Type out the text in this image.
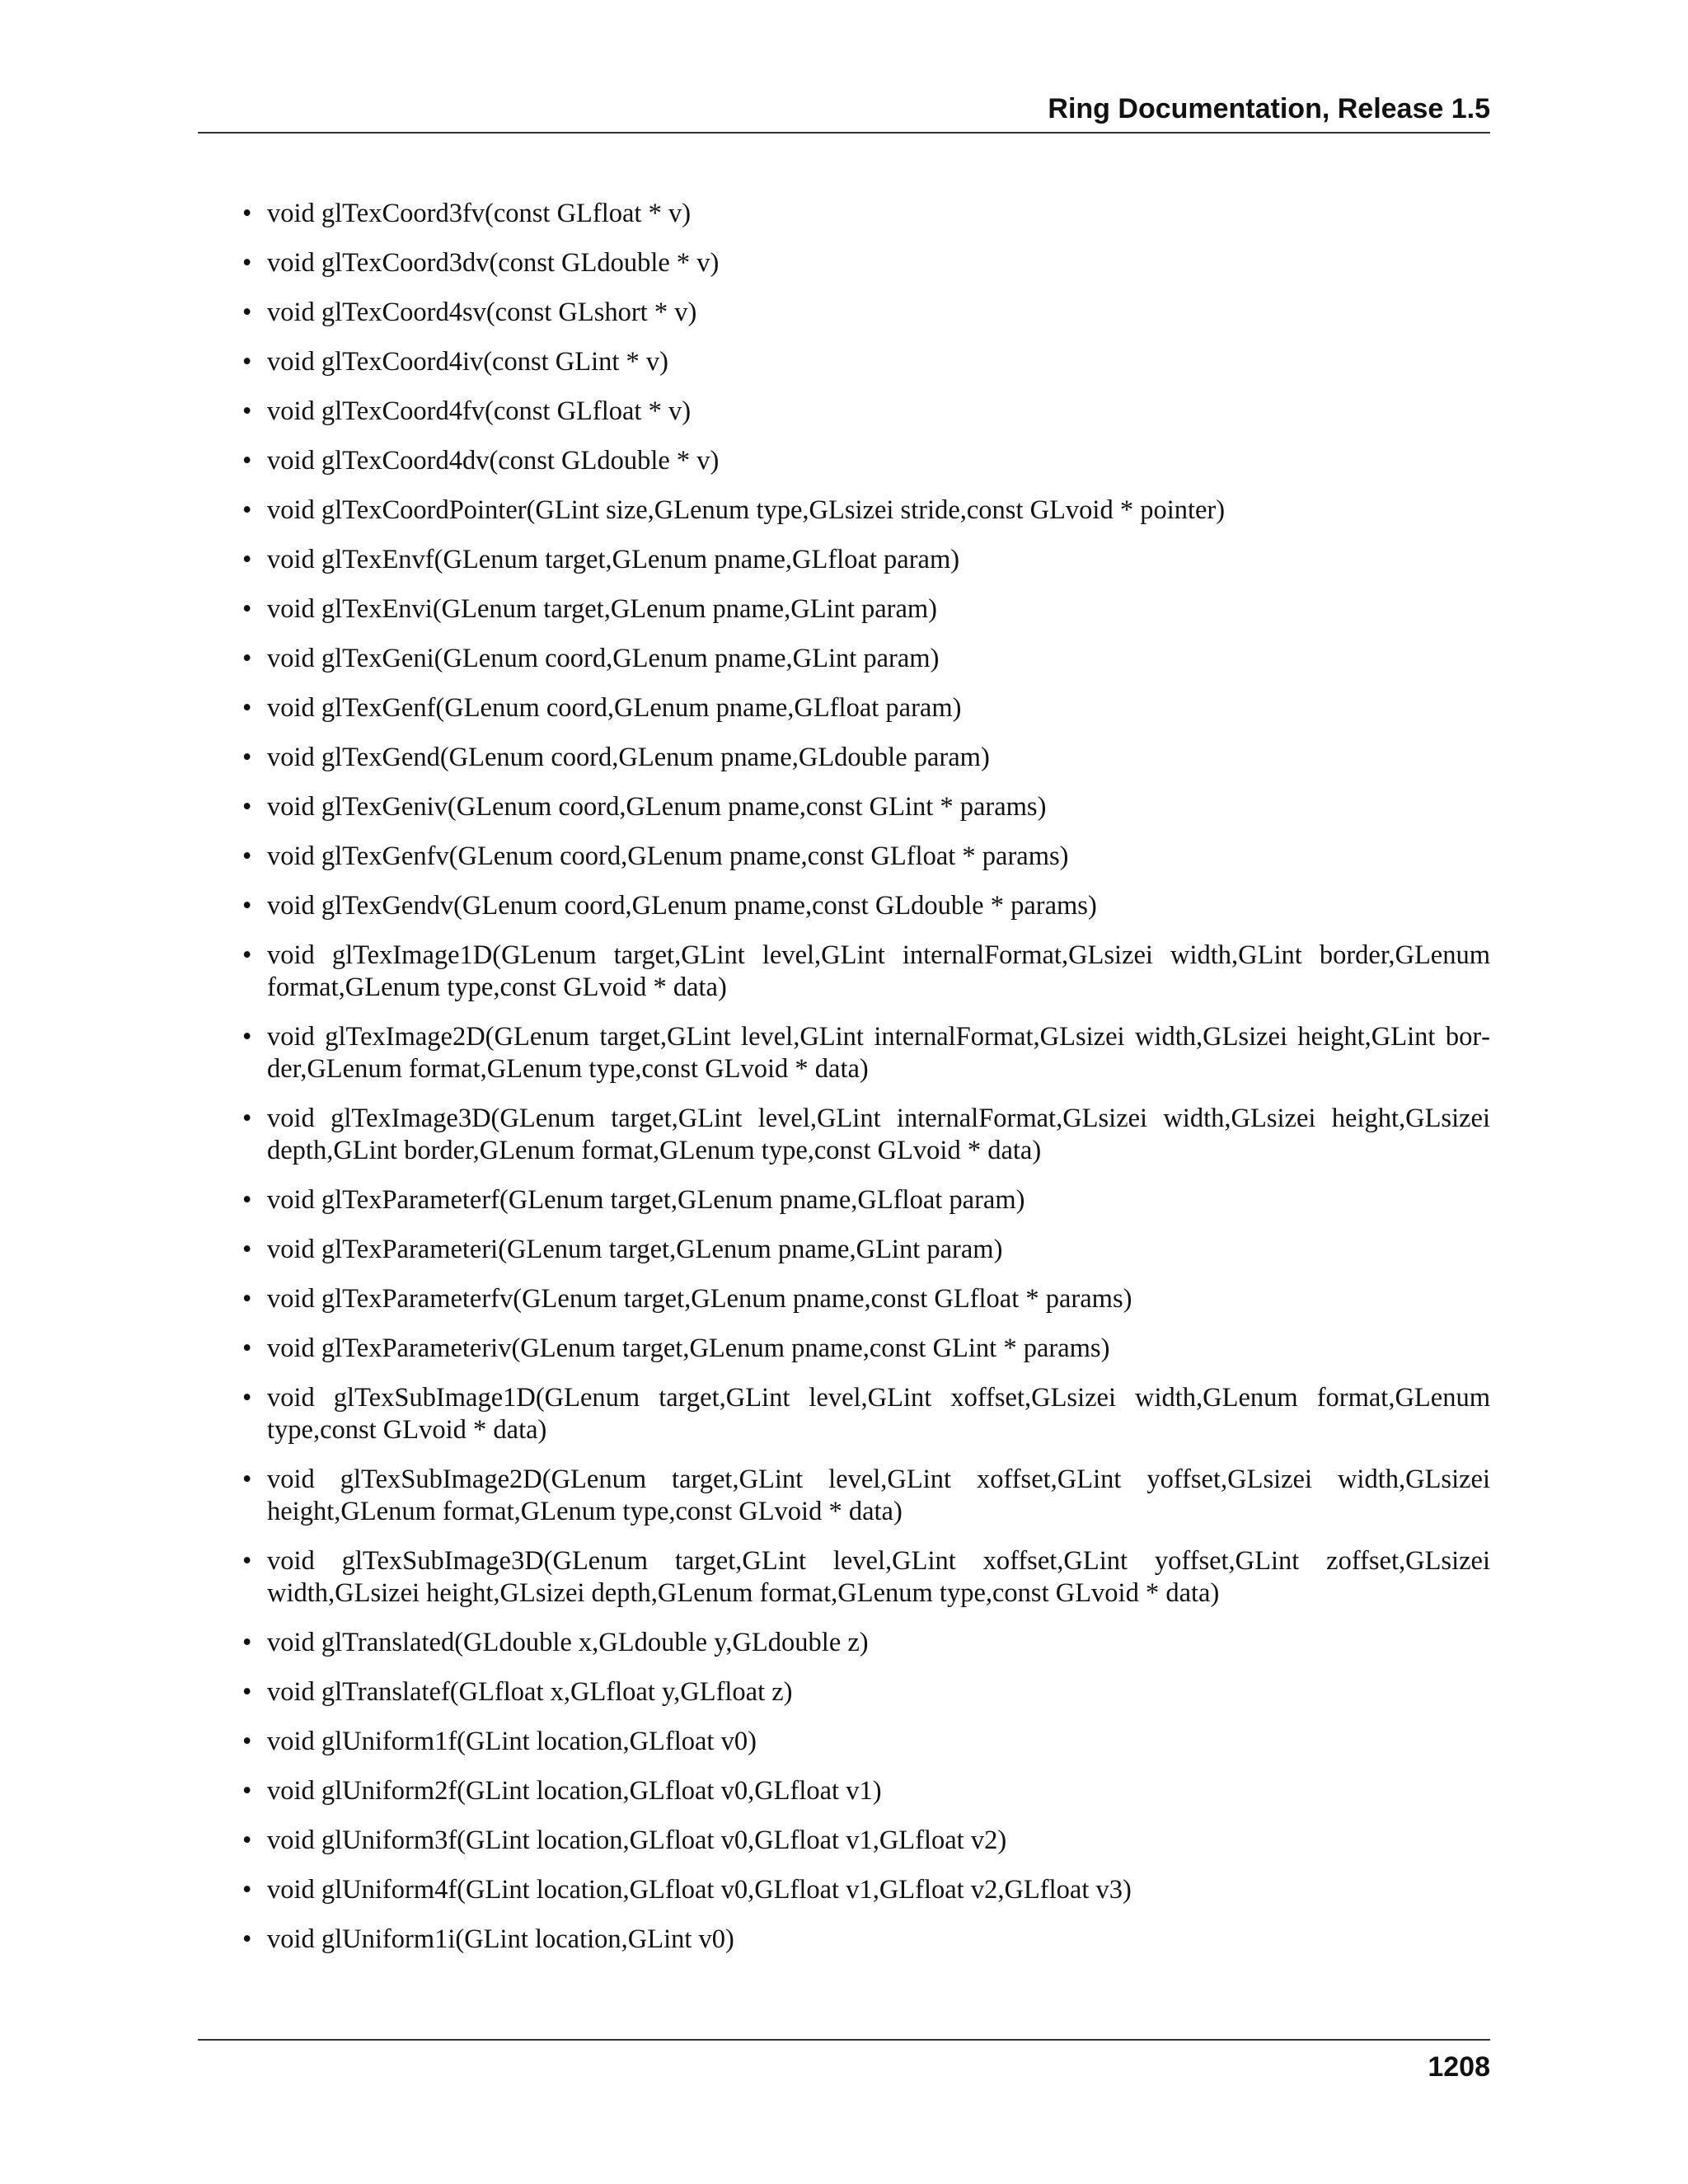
Ring Documentation, Release 1.5
• void glTexCoord3fv(const GLfloat * v)
• void glTexCoord3dv(const GLdouble * v)
• void glTexCoord4sv(const GLshort * v)
• void glTexCoord4iv(const GLint * v)
• void glTexCoord4fv(const GLfloat * v)
• void glTexCoord4dv(const GLdouble * v)
• void glTexCoordPointer(GLint size,GLenum type,GLsizei stride,const GLvoid * pointer)
• void glTexEnvf(GLenum target,GLenum pname,GLfloat param)
• void glTexEnvi(GLenum target,GLenum pname,GLint param)
• void glTexGeni(GLenum coord,GLenum pname,GLint param)
• void glTexGenf(GLenum coord,GLenum pname,GLfloat param)
• void glTexGend(GLenum coord,GLenum pname,GLdouble param)
• void glTexGeniv(GLenum coord,GLenum pname,const GLint * params)
• void glTexGenfv(GLenum coord,GLenum pname,const GLfloat * params)
• void glTexGendv(GLenum coord,GLenum pname,const GLdouble * params)
• void glTexImage1D(GLenum target,GLint level,GLint internalFormat,GLsizei width,GLint border,GLenum format,GLenum type,const GLvoid * data)
• void glTexImage2D(GLenum target,GLint level,GLint internalFormat,GLsizei width,GLsizei height,GLint border,GLenum format,GLenum type,const GLvoid * data)
• void glTexImage3D(GLenum target,GLint level,GLint internalFormat,GLsizei width,GLsizei height,GLsizei depth,GLint border,GLenum format,GLenum type,const GLvoid * data)
• void glTexParameterf(GLenum target,GLenum pname,GLfloat param)
• void glTexParameteri(GLenum target,GLenum pname,GLint param)
• void glTexParameterfv(GLenum target,GLenum pname,const GLfloat * params)
• void glTexParameteriv(GLenum target,GLenum pname,const GLint * params)
• void glTexSubImage1D(GLenum target,GLint level,GLint xoffset,GLsizei width,GLenum format,GLenum type,const GLvoid * data)
• void glTexSubImage2D(GLenum target,GLint level,GLint xoffset,GLint yoffset,GLsizei width,GLsizei height,GLenum format,GLenum type,const GLvoid * data)
• void glTexSubImage3D(GLenum target,GLint level,GLint xoffset,GLint yoffset,GLint zoffset,GLsizei width,GLsizei height,GLsizei depth,GLenum format,GLenum type,const GLvoid * data)
• void glTranslated(GLdouble x,GLdouble y,GLdouble z)
• void glTranslatef(GLfloat x,GLfloat y,GLfloat z)
• void glUniform1f(GLint location,GLfloat v0)
• void glUniform2f(GLint location,GLfloat v0,GLfloat v1)
• void glUniform3f(GLint location,GLfloat v0,GLfloat v1,GLfloat v2)
• void glUniform4f(GLint location,GLfloat v0,GLfloat v1,GLfloat v2,GLfloat v3)
• void glUniform1i(GLint location,GLint v0)
1208
